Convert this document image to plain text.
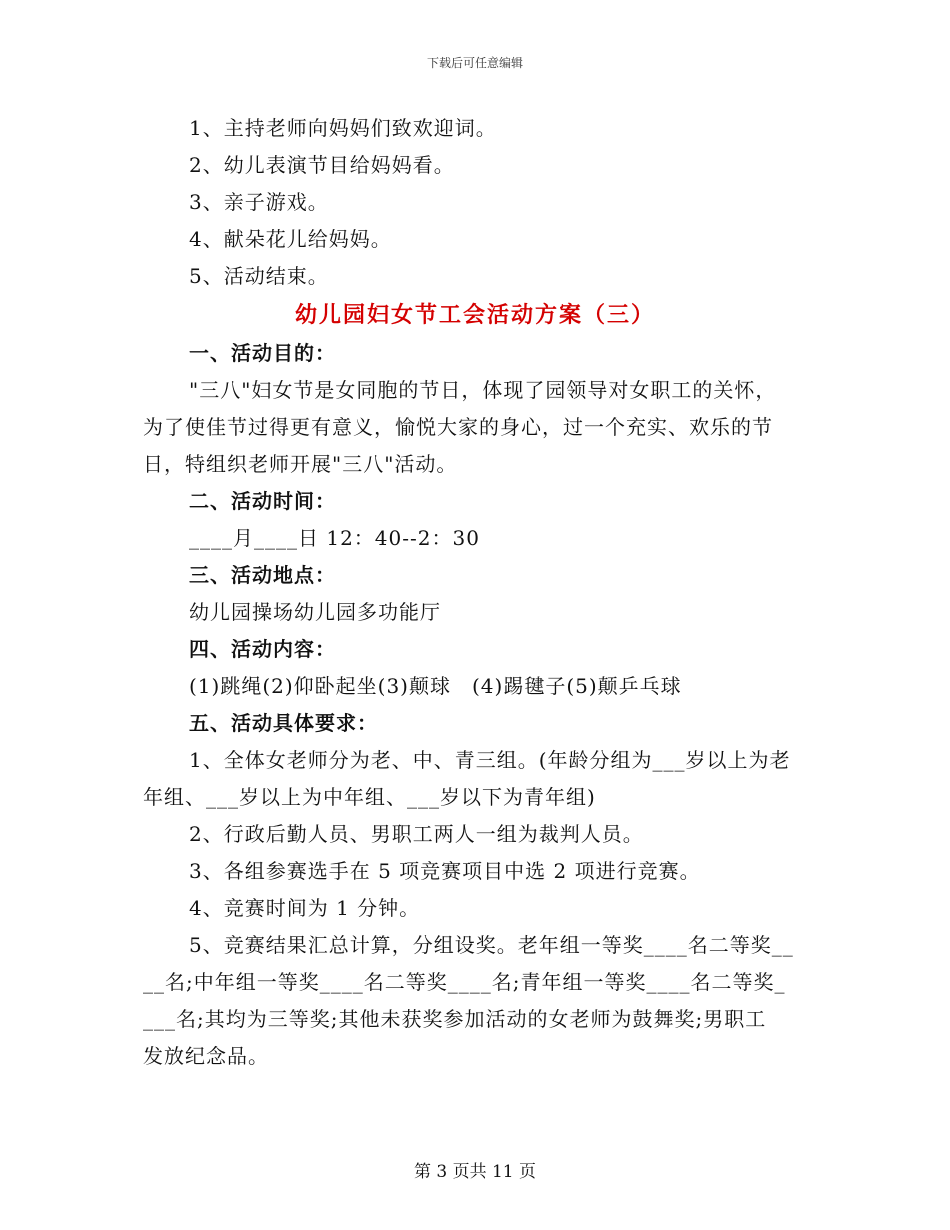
下载后可任意编辑
1、主持老师向妈妈们致欢迎词。
2、幼儿表演节目给妈妈看。
3、亲子游戏。
4、献朵花儿给妈妈。
5、活动结束。
幼儿园妇女节工会活动方案（三）
一、活动目的：
"三八"妇女节是女同胞的节日，体现了园领导对女职工的关怀，
为了使佳节过得更有意义，愉悦大家的身心，过一个充实、欢乐的节
日，特组织老师开展"三八"活动。
二、活动时间：
____月____日 12：40--2：30
三、活动地点：
幼儿园操场幼儿园多功能厅
四、活动内容：
(1)跳绳(2)仰卧起坐(3)颠球　(4)踢毽子(5)颠乒乓球
五、活动具体要求：
1、全体女老师分为老、中、青三组。(年龄分组为___岁以上为老
年组、___岁以上为中年组、___岁以下为青年组)
2、行政后勤人员、男职工两人一组为裁判人员。
3、各组参赛选手在 5 项竞赛项目中选 2 项进行竞赛。
4、竞赛时间为 1 分钟。
5、竞赛结果汇总计算，分组设奖。老年组一等奖____名二等奖__
__名;中年组一等奖____名二等奖____名;青年组一等奖____名二等奖_
___名;其均为三等奖;其他未获奖参加活动的女老师为鼓舞奖;男职工
发放纪念品。
第 3 页共 11 页
